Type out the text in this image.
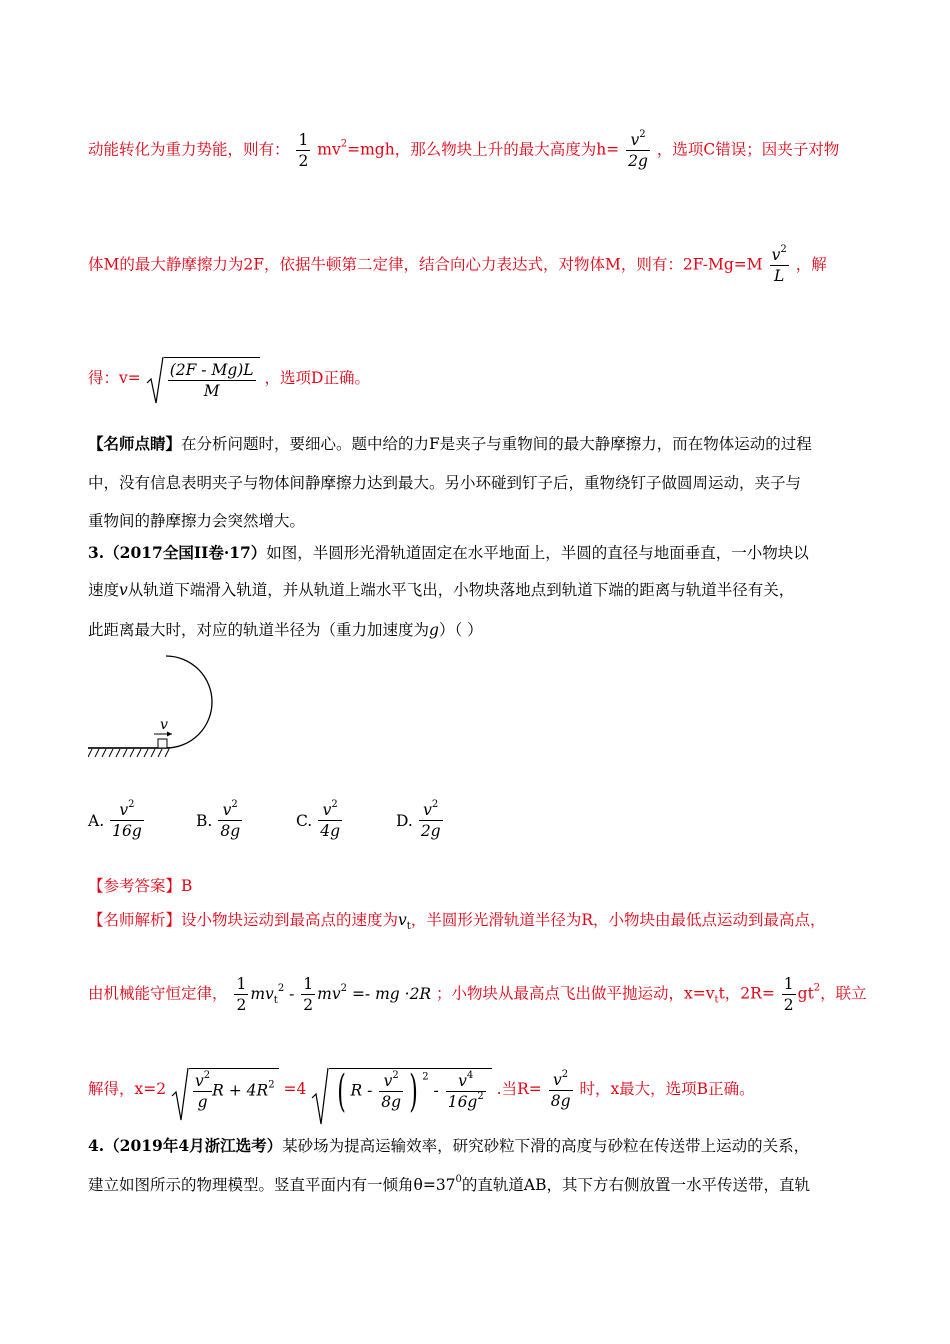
动能转化为重力势能，则有： $\frac{1}{2} mv^2=mgh$，那么物块上升的最大高度为$h= \frac{v^2}{2g}$ ，选项C错误；因夹子对物
体M的最大静摩擦力为2F，依据牛顿第二定律，结合向心力表达式，对物体M，则有：$2F-Mg=M \frac{v^2}{L}$ ，解
得：$v= \frac{(2F - Mg)L}{M}$ ，选项D正确。
【名师点睛】在分析问题时，要细心。题中给的力F是夹子与重物间的最大静摩擦力，而在物体运动的过程
中，没有信息表明夹子与物体间静摩擦力达到最大。另小环碰到钉子后，重物绕钉子做圆周运动，夹子与
重物间的静摩擦力会突然增大。
3.（2017全国II卷·17）如图，半圆形光滑轨道固定在水平地面上，半圆的直径与地面垂直，一小物块以
速度v从轨道下端滑入轨道，并从轨道上端水平飞出，小物块落地点到轨道下端的距离与轨道半径有关，
此距离最大时，对应的轨道半径为（重力加速度为g）（ ）
v
A. $\frac{v^2}{16g}$	B. $\frac{v^2}{8g}$	C. $\frac{v^2}{4g}$	D. $\frac{v^2}{2g}$
【参考答案】B
【名师解析】设小物块运动到最高点的速度为$v_t$，半圆形光滑轨道半径为R，小物块由最低点运动到最高点，
由机械能守恒定律， $\frac{1}{2} mv_t^2 - \frac{1}{2} mv^2$ =- mg ·2R ；小物块从最高点飞出做平抛运动，$x=v_tt$，$2R= \frac{1}{2} gt^2$，联立
解得，$x=2 \frac{v^2}{g}$ $R + 4R^2 =4$ ( R - $\frac{v^2}{8g}$ ) $^2 - \frac{v^4}{16g^2}$ .当$R= \frac{v^2}{8g}$ 时，x最大，选项B正确。
4.（2019年4月浙江选考）某砂场为提高运输效率，研究砂粒下滑的高度与砂粒在传送带上运动的关系，
建立如图所示的物理模型。竖直平面内有一倾角$\theta=37^0$的直轨道AB，其下方右侧放置一水平传送带，直轨
